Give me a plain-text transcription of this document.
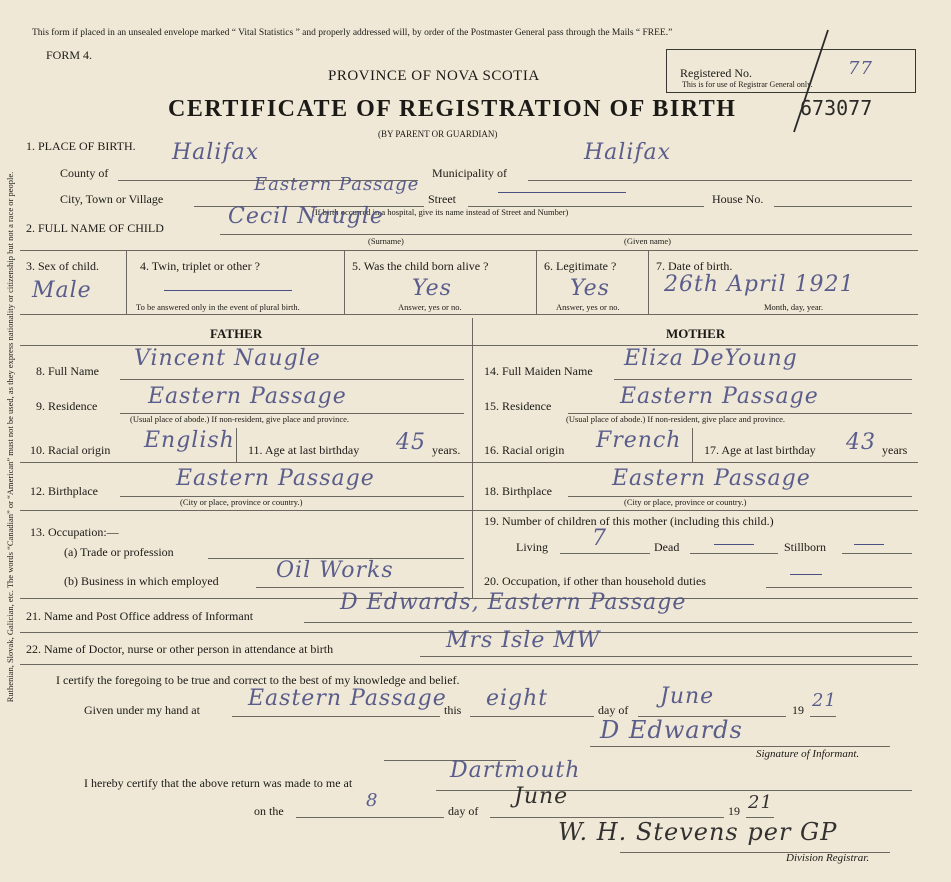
Ruthenian, Slovak, Galician, etc. The words “Canadian” or “American” must not be used, as they express nationality or citizenship but not a race or people.
This form if placed in an unsealed envelope marked “ Vital Statistics ” and properly addressed will, by order of the Postmaster General pass through the Mails “ FREE.”
FORM 4.
PROVINCE OF NOVA SCOTIA
CERTIFICATE OF REGISTRATION OF BIRTH
(BY PARENT OR GUARDIAN)
Registered No.
This is for use of Registrar General only.
77
673077
1. PLACE OF BIRTH.
County of
Halifax
Municipality of
Halifax
City, Town or Village
Eastern Passage
Street	House No.
(If birth occurred in a hospital, give its name instead of Street and Number)
2. FULL NAME OF CHILD	Cecil Naugle
(Surname)	(Given name)
3. Sex of child.
Male
4. Twin, triplet or other ?
To be answered only in the event of plural birth.
5. Was the child born alive ?
Yes
Answer, yes or no.
6. Legitimate ?
Yes
Answer, yes or no.
7. Date of birth.
26th April 1921
Month, day, year.
FATHER	MOTHER
8. Full Name Vincent Naugle
9. Residence Eastern Passage
(Usual place of abode.) If non-resident, give place and province.
10. Racial origin English 11. Age at last birthday 45 years.
12. Birthplace	Eastern Passage
(City or place, province or country.)
13. Occupation:—
(a) Trade or profession
(b) Business in which employed	Oil Works
14. Full Maiden Name Eliza DeYoung
15. Residence	Eastern Passage
(Usual place of abode.) If non-resident, give place and province.
16. Racial origin French 17. Age at last birthday 43 years
18. Birthplace	Eastern Passage
(City or place, province or country.)
19. Number of children of this mother (including this child.)
Living 7	Dead	Stillborn
20. Occupation, if other than household duties
21. Name and Post Office address of Informant
D Edwards, Eastern Passage
22. Name of Doctor, nurse or other person in attendance at birth	Mrs Isle MW
I certify the foregoing to be true and correct to the best of my knowledge and belief.
Given under my hand at Eastern Passage
this eight	day of
June
19 21
D Edwards
Signature of Informant.
I hereby certify that the above return was made to me at	Dartmouth
on the	8	day of
June
19 21
W. H. Stevens per GP
Division Registrar.
